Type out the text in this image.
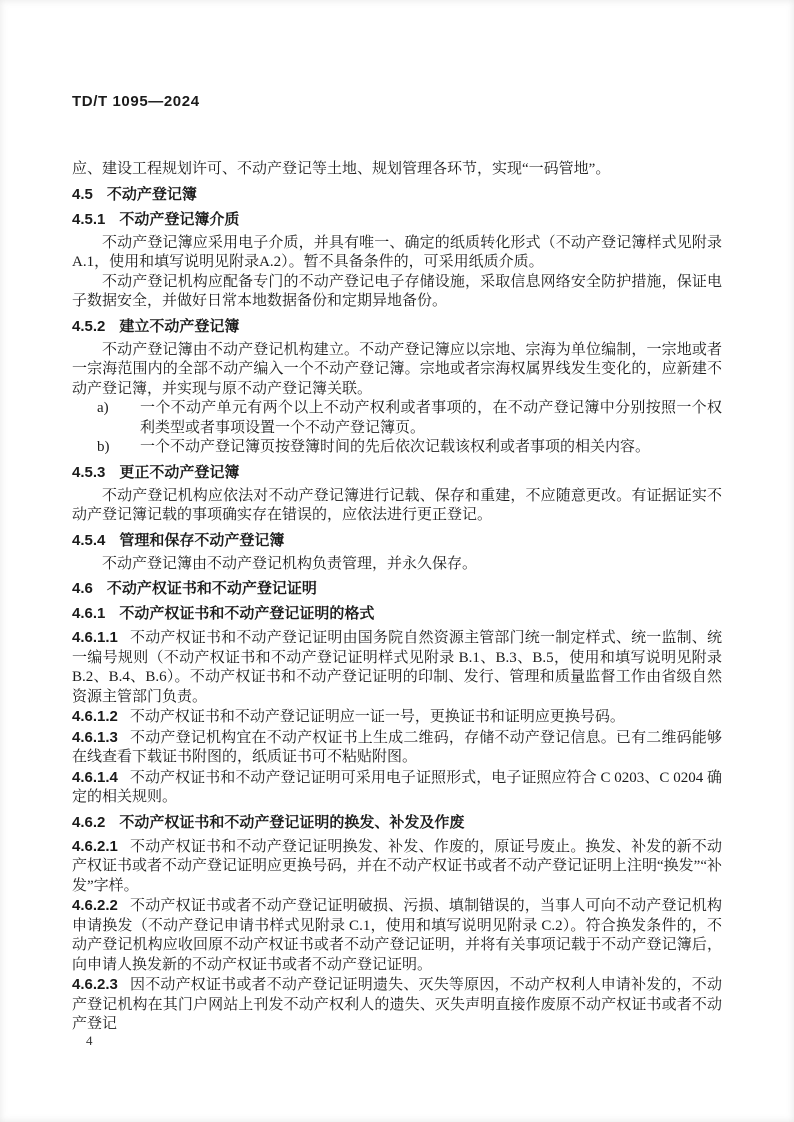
TD/T 1095—2024

应、建设工程规划许可、不动产登记等土地、规划管理各环节，实现“一码管地”。

4.5 不动产登记簿
4.5.1 不动产登记簿介质

不动产登记簿应采用电子介质，并具有唯一、确定的纸质转化形式（不动产登记簿样式见附录A.1，使用和填写说明见附录A.2）。暂不具备条件的，可采用纸质介质。

不动产登记机构应配备专门的不动产登记电子存储设施，采取信息网络安全防护措施，保证电子数据安全，并做好日常本地数据备份和定期异地备份。

4.5.2 建立不动产登记簿

不动产登记簿由不动产登记机构建立。不动产登记簿应以宗地、宗海为单位编制，一宗地或者一宗海范围内的全部不动产编入一个不动产登记簿。宗地或者宗海权属界线发生变化的，应新建不动产登记簿，并实现与原不动产登记簿关联。

a)	一个不动产单元有两个以上不动产权利或者事项的，在不动产登记簿中分别按照一个权利类型或者事项设置一个不动产登记簿页。
b)	一个不动产登记簿页按登簿时间的先后依次记载该权利或者事项的相关内容。
4.5.3 更正不动产登记簿

不动产登记机构应依法对不动产登记簿进行记载、保存和重建，不应随意更改。有证据证实不动产登记簿记载的事项确实存在错误的，应依法进行更正登记。

4.5.4 管理和保存不动产登记簿

不动产登记簿由不动产登记机构负责管理，并永久保存。

4.6 不动产权证书和不动产登记证明
4.6.1 不动产权证书和不动产登记证明的格式

4.6.1.1 不动产权证书和不动产登记证明由国务院自然资源主管部门统一制定样式、统一监制、统一编号规则（不动产权证书和不动产登记证明样式见附录 B.1、B.3、B.5，使用和填写说明见附录 B.2、B.4、B.6）。不动产权证书和不动产登记证明的印制、发行、管理和质量监督工作由省级自然资源主管部门负责。

4.6.1.2 不动产权证书和不动产登记证明应一证一号，更换证书和证明应更换号码。

4.6.1.3 不动产登记机构宜在不动产权证书上生成二维码，存储不动产登记信息。已有二维码能够在线查看下载证书附图的，纸质证书可不粘贴附图。

4.6.1.4 不动产权证书和不动产登记证明可采用电子证照形式，电子证照应符合 C 0203、C 0204 确定的相关规则。

4.6.2 不动产权证书和不动产登记证明的换发、补发及作废

4.6.2.1 不动产权证书和不动产登记证明换发、补发、作废的，原证号废止。换发、补发的新不动产权证书或者不动产登记证明应更换号码，并在不动产权证书或者不动产登记证明上注明“换发”“补发”字样。

4.6.2.2 不动产权证书或者不动产登记证明破损、污损、填制错误的，当事人可向不动产登记机构申请换发（不动产登记申请书样式见附录 C.1，使用和填写说明见附录 C.2）。符合换发条件的，不动产登记机构应收回原不动产权证书或者不动产登记证明，并将有关事项记载于不动产登记簿后，向申请人换发新的不动产权证书或者不动产登记证明。

4.6.2.3 因不动产权证书或者不动产登记证明遗失、灭失等原因，不动产权利人申请补发的，不动产登记机构在其门户网站上刊发不动产权利人的遗失、灭失声明直接作废原不动产权证书或者不动产登记

4
